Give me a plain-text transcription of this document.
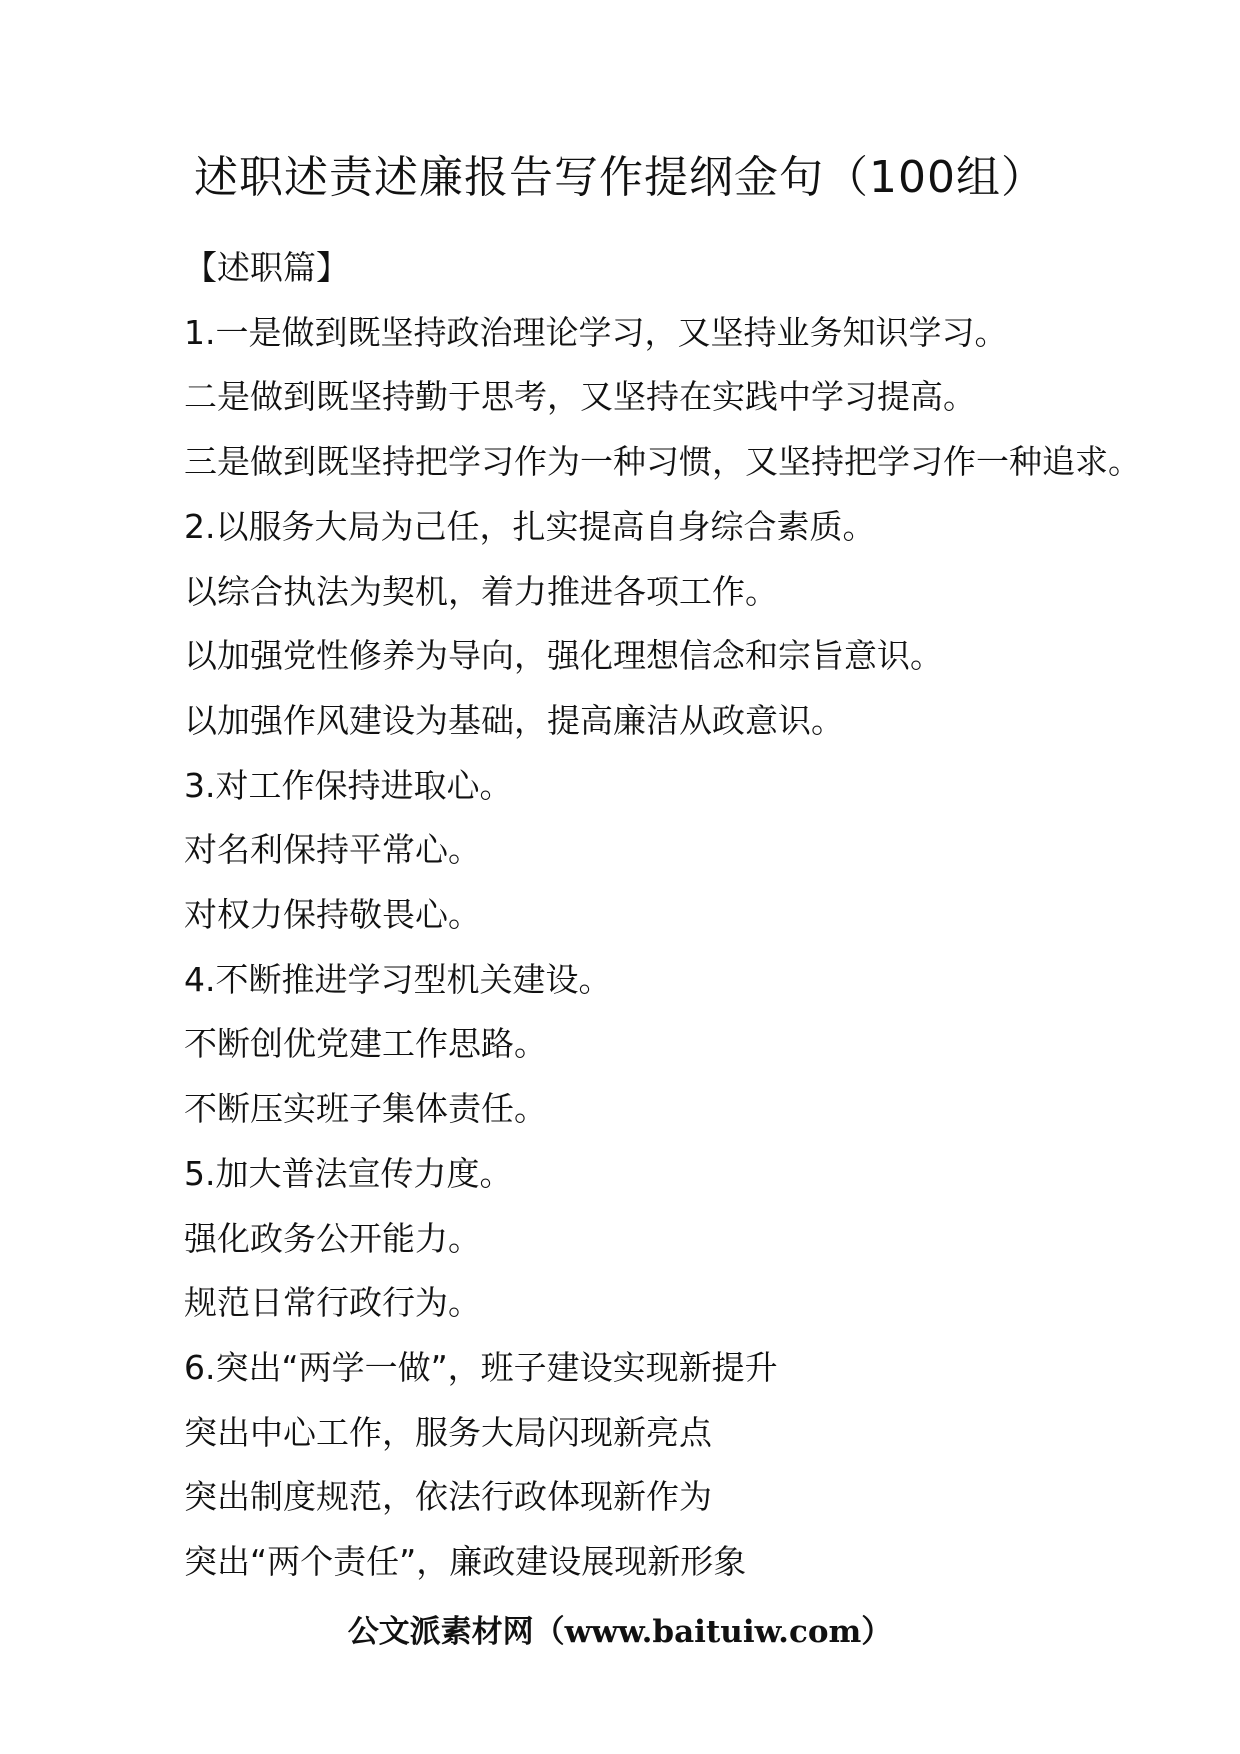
述职述责述廉报告写作提纲金句（100组）

【述职篇】

1.一是做到既坚持政治理论学习，又坚持业务知识学习。

二是做到既坚持勤于思考，又坚持在实践中学习提高。

三是做到既坚持把学习作为一种习惯，又坚持把学习作一种追求。

2.以服务大局为己任，扎实提高自身综合素质。

以综合执法为契机，着力推进各项工作。

以加强党性修养为导向，强化理想信念和宗旨意识。

以加强作风建设为基础，提高廉洁从政意识。

3.对工作保持进取心。

对名利保持平常心。

对权力保持敬畏心。

4.不断推进学习型机关建设。

不断创优党建工作思路。

不断压实班子集体责任。

5.加大普法宣传力度。

强化政务公开能力。

规范日常行政行为。

6.突出“两学一做”，班子建设实现新提升

突出中心工作，服务大局闪现新亮点

突出制度规范，依法行政体现新作为

突出“两个责任”，廉政建设展现新形象

公文派素材网（www.baituiw.com）
